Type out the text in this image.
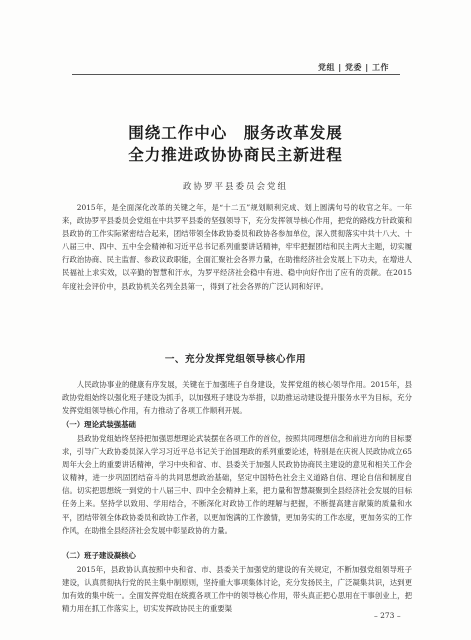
党组 | 党委 | 工作
围绕工作中心　服务改革发展
全力推进政协协商民主新进程
政协罗平县委员会党组

2015年，是全面深化改革的关键之年，是“十二五”规划顺利完成、划上圆满句号的收官之年。一年来，政协罗平县委员会党组在中共罗平县委的坚强领导下，充分发挥领导核心作用，把党的路线方针政策和县政协的工作实际紧密结合起来，团结带领全体政协委员和政协各参加单位，深入贯彻落实中共十八大、十八届三中、四中、五中全会精神和习近平总书记系列重要讲话精神，牢牢把握团结和民主两大主题，切实履行政治协商、民主监督、参政议政职能，全面汇聚社会各界力量，在助推经济社会发展上下功夫，在增进人民福祉上求实效，以辛勤的智慧和汗水，为罗平经济社会稳中有进、稳中向好作出了应有的贡献。在2015年度社会评价中，县政协机关名列全县第一，得到了社会各界的广泛认同和好评。

一、充分发挥党组领导核心作用

人民政协事业的健康有序发展，关键在于加强班子自身建设，发挥党组的核心领导作用。2015年，县政协党组始终以强化班子建设为抓手，以加强班子建设为举措，以助推运动建设提升服务水平为目标，充分发挥党组领导核心作用，有力推动了各项工作顺利开展。

（一）理论武装强基础

县政协党组始终坚持把加强思想理论武装摆在各项工作的首位，按照共同理想信念和前进方向的目标要求，引导广大政协委员深入学习习近平总书记关于治国理政的系列重要论述，特别是在庆祝人民政协成立65周年大会上的重要讲话精神，学习中央和省、市、县委关于加强人民政协协商民主建设的意见和相关工作会议精神，进一步巩固团结奋斗的共同思想政治基础，坚定中国特色社会主义道路自信、理论自信和制度自信。切实把思想统一到党的十八届三中、四中全会精神上来，把力量和智慧凝聚到全县经济社会发展的目标任务上来。坚持学以致用、学用结合，不断深化对政协工作的理解与把握，不断提高建言献策的质量和水平，团结带领全体政协委员和政协工作者，以更加饱满的工作激情，更加务实的工作态度，更加务实的工作作风，在助推全县经济社会发展中彰显政协的力量。

（二）班子建设凝核心

2015年，县政协认真按照中央和省、市、县委关于加强党的建设的有关规定，不断加强党组领导班子建设，认真贯彻执行党的民主集中制原则，坚持重大事项集体讨论，充分发扬民主，广泛凝集共识，达到更加有效的集中统一。全面发挥党组在统揽各项工作中的领导核心作用，带头真正把心思用在干事创业上，把精力用在抓工作落实上，切实发挥政协民主的重要渠

– 273 –
